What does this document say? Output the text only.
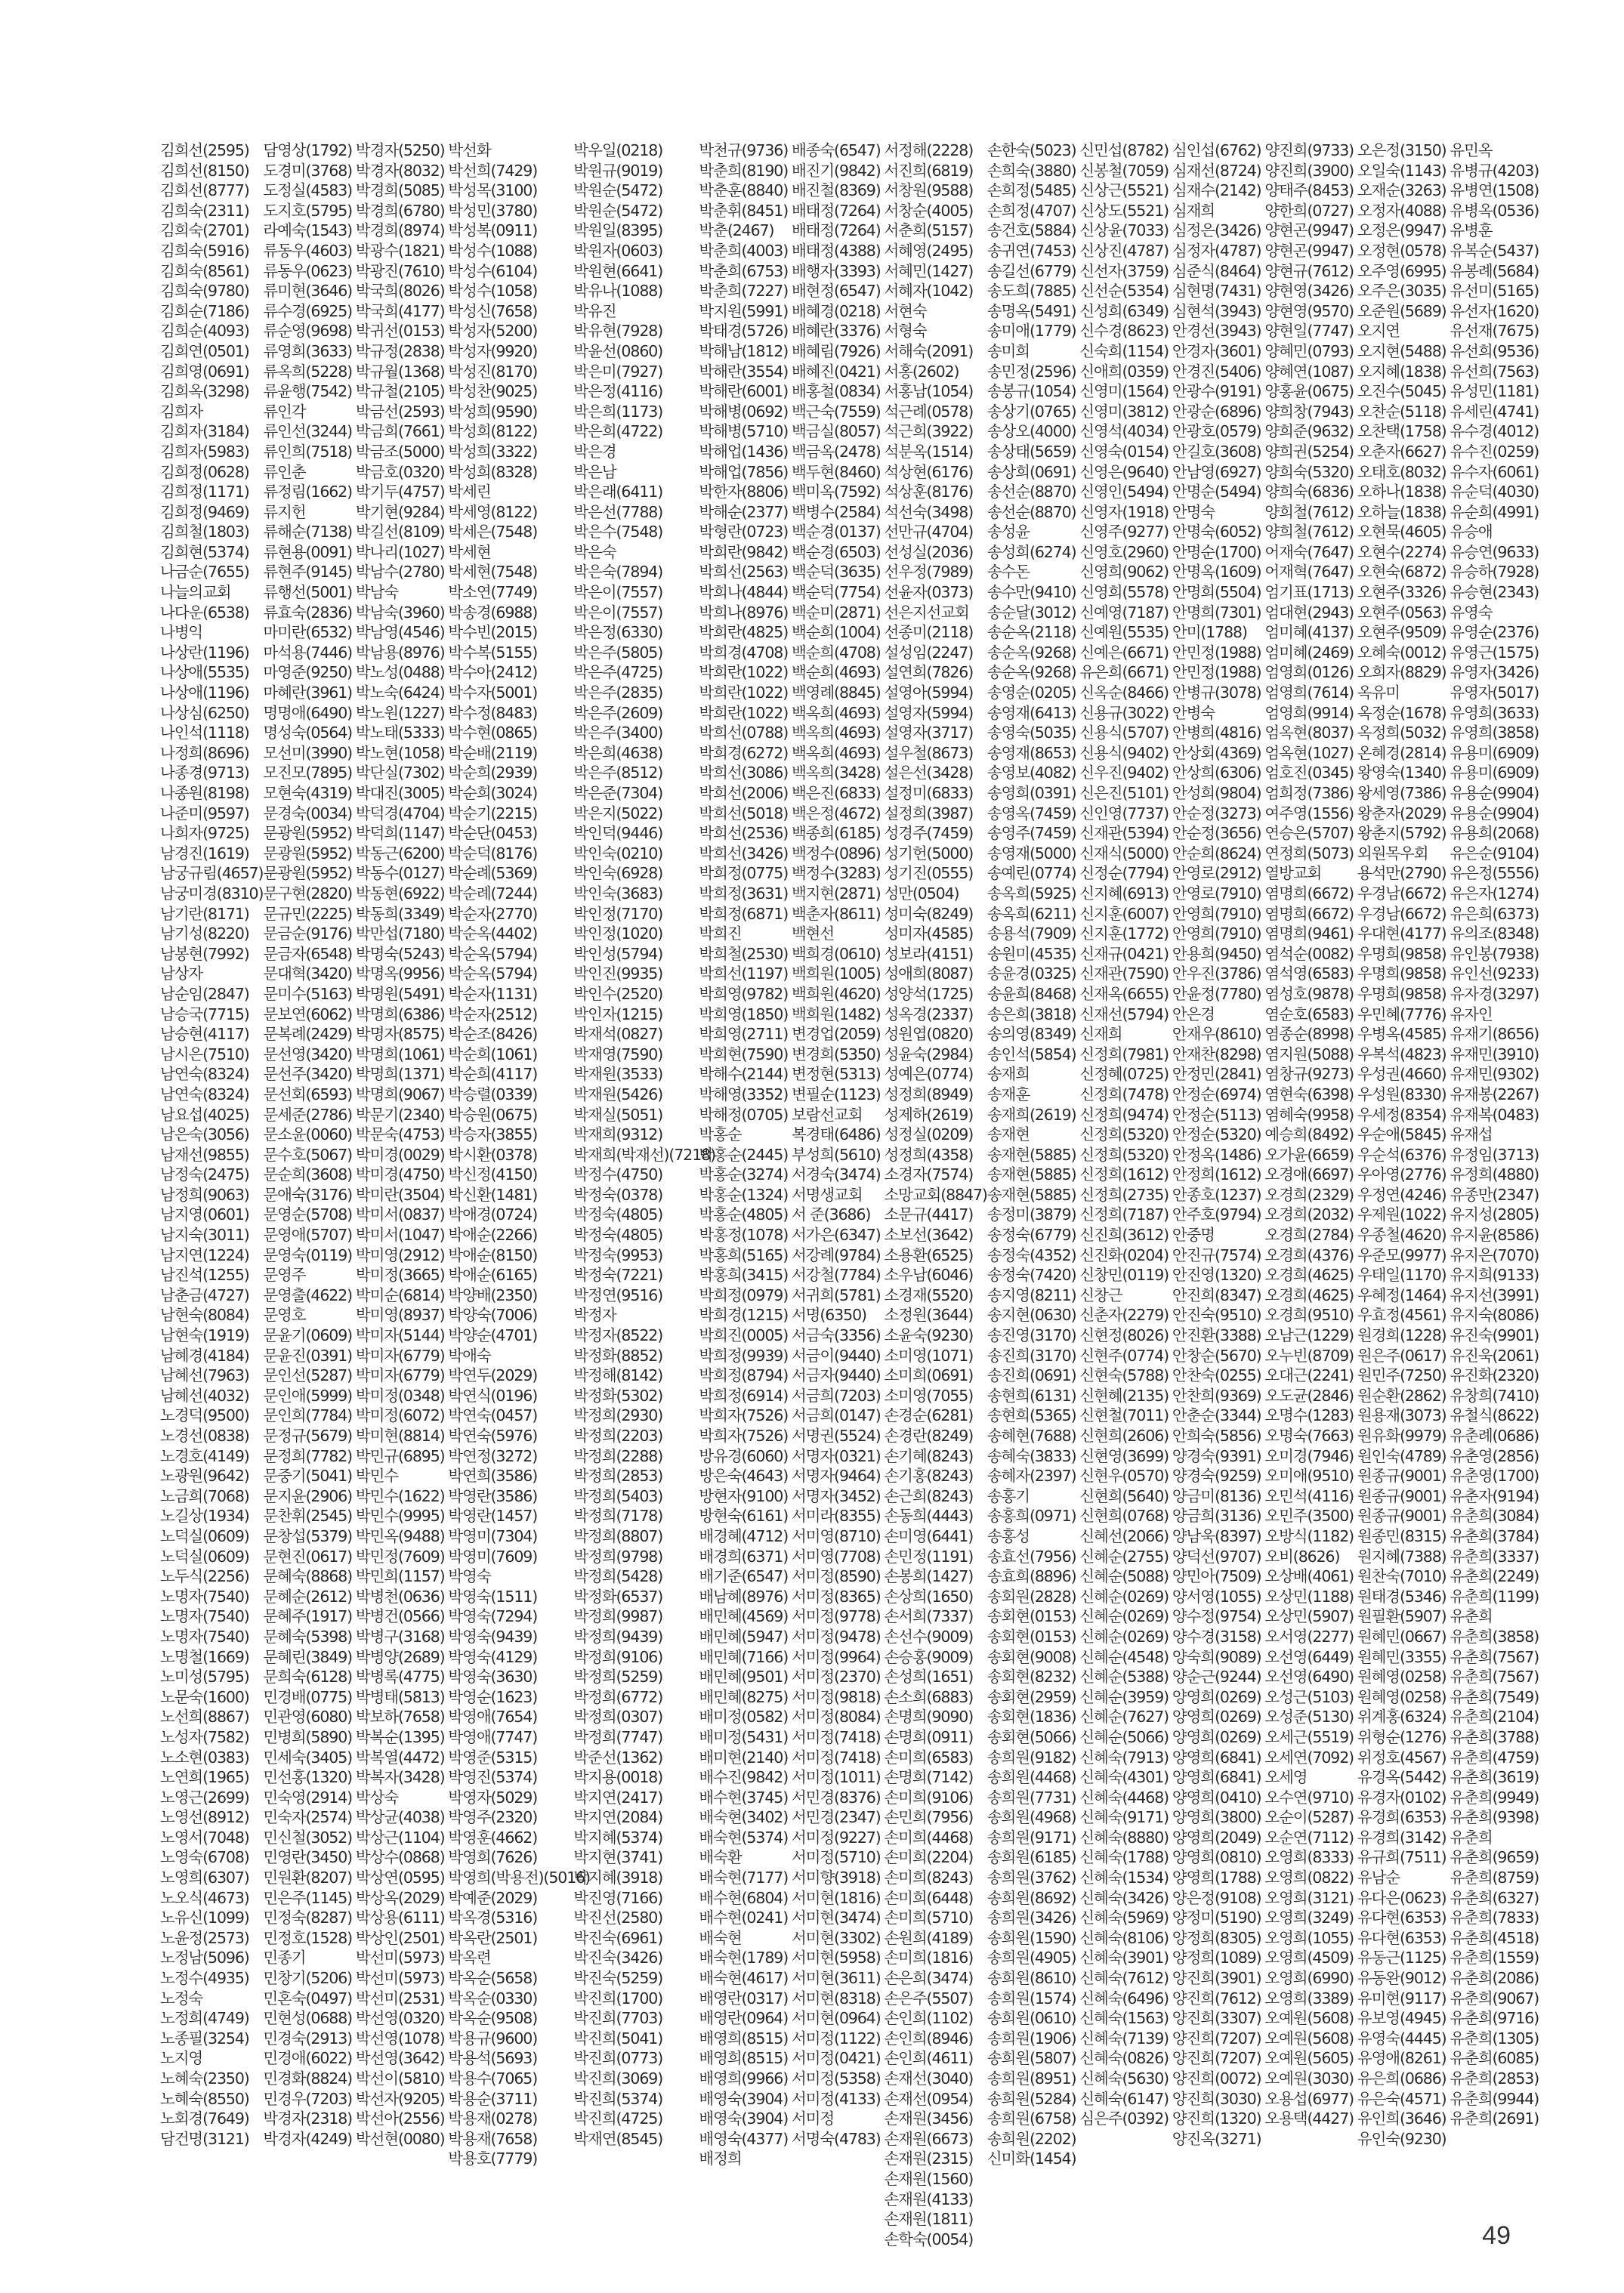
김희선(2595)
김희선(8150)
김희선(8777)
김희숙(2311)
김희숙(2701)
김희숙(5916)
김희숙(8561)
김희숙(9780)
김희순(7186)
김희순(4093)
김희연(0501)
김희영(0691)
김희옥(3298)
김희자
김희자(3184)
김희자(5983)
김희정(0628)
김희정(1171)
김희정(9469)
김희철(1803)
김희현(5374)
나금순(7655)
나늘의교회
나다운(6538)
나병익
나상란(1196)
나상애(5535)
나상애(1196)
나상심(6250)
나인석(1118)
나정희(8696)
나종경(9713)
나종원(8198)
나준미(9597)
나희자(9725)
남경진(1619)
남궁규림(4657)
남궁미경(8310)
남기란(8171)
남기성(8220)
남봉현(7992)
남상자
남순임(2847)
남승국(7715)
남승현(4117)
남시은(7510)
남연숙(8324)
남연숙(8324)
남요섭(4025)
남은숙(3056)
남재선(9855)
남정숙(2475)
남정희(9063)
남지영(0601)
남지숙(3011)
남지연(1224)
남진석(1255)
남춘금(4727)
남현숙(8084)
남현숙(1919)
남혜경(4184)
남혜선(7963)
남혜선(4032)
노경덕(9500)
노경선(0838)
노경호(4149)
노광원(9642)
노금희(7068)
노길상(1934)
노덕실(0609)
노덕실(0609)
노두식(2256)
노명자(7540)
노명자(7540)
노명자(7540)
노명철(1669)
노미성(5795)
노문숙(1600)
노선희(8867)
노성자(7582)
노소현(0383)
노연희(1965)
노영근(2699)
노영선(8912)
노영서(7048)
노영숙(6708)
노영희(6307)
노오식(4673)
노유신(1099)
노윤정(2573)
노정남(5096)
노정수(4935)
노정숙
노정희(4749)
노종필(3254)
노지영
노혜숙(2350)
노혜숙(8550)
노회경(7649)
담건명(3121)
담영상(1792)
도경미(3768)
도정실(4583)
도지호(5795)
라예숙(1543)
류동우(4603)
류동우(0623)
류미현(3646)
류수경(6925)
류순영(9698)
류영희(3633)
류옥희(5228)
류윤행(7542)
류인각
류인선(3244)
류인희(7518)
류인춘
류정림(1662)
류지헌
류해순(7138)
류현용(0091)
류현주(9145)
류행선(5001)
류효숙(2836)
마미란(6532)
마석용(7446)
마영준(9250)
마혜란(3961)
명명애(6490)
명성숙(0564)
모선미(3990)
모진모(7895)
모현숙(4319)
문경숙(0034)
문광원(5952)
문광원(5952)
문광원(5952)
문구현(2820)
문규민(2225)
문금순(9176)
문금자(6548)
문대혁(3420)
문미수(5163)
문보연(6062)
문복례(2429)
문선영(3420)
문선주(3420)
문선회(6593)
문세준(2786)
문소윤(0060)
문수호(5067)
문순희(3608)
문애숙(3176)
문영순(5708)
문영애(5707)
문영숙(0119)
문영주
문영출(4622)
문영호
문윤기(0609)
문윤진(0391)
문인선(5287)
문인애(5999)
문인희(7784)
문정규(5679)
문정희(7782)
문중기(5041)
문지윤(2906)
문찬휘(2545)
문창섭(5379)
문현진(0617)
문혜숙(8868)
문혜순(2612)
문혜주(1917)
문혜숙(5398)
문혜린(3849)
문희숙(6128)
민경배(0775)
민관영(6080)
민병희(5890)
민세숙(3405)
민선홍(1320)
민숙영(2914)
민숙자(2574)
민신철(3052)
민영란(3450)
민원환(8207)
민은주(1145)
민정숙(8287)
민정호(1528)
민종기
민창기(5206)
민혼숙(0497)
민현성(0688)
민경숙(2913)
민경애(6022)
민경화(8824)
민경우(7203)
박경자(2318)
박경자(4249)
박경자(5250)
박경자(8032)
박경희(5085)
박경희(6780)
박경희(8974)
박광수(1821)
박광진(7610)
박국희(8026)
박국희(4177)
박귀선(0153)
박규정(2838)
박규월(1368)
박규철(2105)
박금선(2593)
박금희(7661)
박금조(5000)
박금호(0320)
박기두(4757)
박기현(9284)
박길선(8109)
박나리(1027)
박남수(2780)
박남숙
박남숙(3960)
박남영(4546)
박남용(8976)
박노성(0488)
박노숙(6424)
박노원(1227)
박노태(5333)
박노현(1058)
박단실(7302)
박대진(3005)
박덕경(4704)
박덕희(1147)
박동근(6200)
박동수(0127)
박동현(6922)
박동희(3349)
박만섭(7180)
박명숙(5243)
박명옥(9956)
박명원(5491)
박명희(6386)
박명자(8575)
박명희(1061)
박명희(1371)
박명희(9067)
박문기(2340)
박문숙(4753)
박미경(0029)
박미경(4750)
박미란(3504)
박미서(0837)
박미서(1047)
박미영(2912)
박미정(3665)
박미순(6814)
박미영(8937)
박미자(5144)
박미자(6779)
박미자(6779)
박미정(0348)
박미정(6072)
박미현(8814)
박민규(6895)
박민수
박민수(1622)
박민수(9995)
박민옥(9488)
박민정(7609)
박민희(1157)
박병천(0636)
박병건(0566)
박병구(3168)
박병양(2689)
박병록(4775)
박병태(5813)
박보하(7658)
박복순(1395)
박복열(4472)
박복자(3428)
박상숙
박상균(4038)
박상근(1104)
박상수(0868)
박상연(0595)
박상옥(2029)
박상용(6111)
박상인(2501)
박선미(5973)
박선미(5973)
박선미(2531)
박선영(0320)
박선영(1078)
박선영(3642)
박선이(5810)
박선자(9205)
박선아(2556)
박선현(0080)
박선화
박선희(7429)
박성목(3100)
박성민(3780)
박성복(0911)
박성수(1088)
박성수(6104)
박성수(1058)
박성신(7658)
박성자(5200)
박성자(9920)
박성진(8170)
박성찬(9025)
박성희(9590)
박성희(8122)
박성희(3322)
박성희(8328)
박세린
박세영(8122)
박세은(7548)
박세현
박세현(7548)
박소연(7749)
박송경(6988)
박수빈(2015)
박수복(5155)
박수아(2412)
박수자(5001)
박수정(8483)
박수현(0865)
박순배(2119)
박순희(2939)
박순희(3024)
박순기(2215)
박순단(0453)
박순덕(8176)
박순례(5369)
박순례(7244)
박순자(2770)
박순옥(4402)
박순옥(5794)
박순옥(5794)
박순자(1131)
박순자(2512)
박순조(8426)
박순희(1061)
박순희(4117)
박승렬(0339)
박승원(0675)
박승자(3855)
박시환(0378)
박신정(4150)
박신환(1481)
박애경(0724)
박애순(2266)
박애순(8150)
박애순(6165)
박양배(2350)
박양숙(7006)
박양순(4701)
박애숙
박연두(2029)
박연식(0196)
박연숙(0457)
박연숙(5976)
박연정(3272)
박연희(3586)
박영란(3586)
박영란(1457)
박영미(7304)
박영미(7609)
박영숙
박영숙(1511)
박영숙(7294)
박영숙(9439)
박영숙(4129)
박영숙(3630)
박영순(1623)
박영애(7654)
박영애(7747)
박영준(5315)
박영진(5374)
박영자(5029)
박영주(2320)
박영훈(4662)
박영희(7626)
박영희(박용전)(5016)
박예준(2029)
박옥경(5316)
박옥란(2501)
박옥련
박옥순(5658)
박옥순(0330)
박옥순(9508)
박용규(9600)
박용석(5693)
박용수(7065)
박용순(3711)
박용재(0278)
박용재(7658)
박용호(7779)
박우일(0218)
박원규(9019)
박원순(5472)
박원순(5472)
박원일(8395)
박원자(0603)
박원현(6641)
박유나(1088)
박유진
박유현(7928)
박윤선(0860)
박은미(7927)
박은정(4116)
박은희(1173)
박은희(4722)
박은경
박은남
박은래(6411)
박은선(7788)
박은수(7548)
박은숙
박은숙(7894)
박은이(7557)
박은이(7557)
박은정(6330)
박은주(5805)
박은주(4725)
박은주(2835)
박은주(2609)
박은주(3400)
박은희(4638)
박은주(8512)
박은준(7304)
박은지(5022)
박인덕(9446)
박인숙(0210)
박인숙(6928)
박인숙(3683)
박인정(7170)
박인정(1020)
박인성(5794)
박인진(9935)
박인수(2520)
박인자(1215)
박재석(0827)
박재영(7590)
박재원(3533)
박재원(5426)
박재실(5051)
박재희(9312)
박재희(박재선)(7218)
박정수(4750)
박정숙(0378)
박정숙(4805)
박정숙(4805)
박정숙(9953)
박정숙(7221)
박정연(9516)
박정자
박정자(8522)
박정화(8852)
박정해(8142)
박정화(5302)
박정희(2930)
박정희(2203)
박정희(2288)
박정희(2853)
박정희(5403)
박정희(7178)
박정희(8807)
박정희(9798)
박정희(5428)
박정화(6537)
박정희(9987)
박정희(9439)
박정희(9106)
박정희(5259)
박정희(6772)
박정희(0307)
박정희(7747)
박준선(1362)
박지용(0018)
박지연(2417)
박지연(2084)
박지혜(5374)
박지현(3741)
박지혜(3918)
박진영(7166)
박진선(2580)
박진숙(6961)
박진숙(3426)
박진숙(5259)
박진희(1700)
박진희(7703)
박진희(5041)
박진희(0773)
박진희(3069)
박진희(5374)
박진희(4725)
박재연(8545)
박천규(9736)
박춘희(8190)
박춘훈(8840)
박춘휘(8451)
박춘(2467)
박춘희(4003)
박춘희(6753)
박춘희(7227)
박지원(5991)
박태경(5726)
박해남(1812)
박해란(3554)
박해란(6001)
박해병(0692)
박해병(5710)
박해업(1436)
박해업(7856)
박한자(8806)
박해순(2377)
박형란(0723)
박희란(9842)
박희선(2563)
박희나(4844)
박희나(8976)
박희란(4825)
박희경(4708)
박희란(1022)
박희란(1022)
박희란(1022)
박희선(0788)
박희경(6272)
박희선(3086)
박희선(2006)
박희선(5018)
박희선(2536)
박희선(3426)
박희정(0775)
박희정(3631)
박희정(6871)
박희진
박희철(2530)
박희선(1197)
박희영(9782)
박희영(1850)
박희영(2711)
박희현(7590)
박해수(2144)
박해영(3352)
박해정(0705)
박홍순
박홍순(2445)
박홍순(3274)
박홍순(1324)
박홍순(4805)
박홍정(1078)
박홍희(5165)
박홍희(3415)
박희정(0979)
박희경(1215)
박희진(0005)
박희정(9939)
박희정(8794)
박희정(6914)
박희자(7526)
박희자(7526)
방유경(6060)
방은숙(4643)
방현자(9100)
방현숙(6161)
배경혜(4712)
배경희(6371)
배기준(6547)
배남혜(8976)
배민혜(4569)
배민혜(5947)
배민혜(7166)
배민혜(9501)
배민혜(8275)
배미정(0582)
배미정(5431)
배미현(2140)
배수진(9842)
배수현(3745)
배숙현(3402)
배숙현(5374)
배숙환
배숙현(7177)
배수현(6804)
배수현(0241)
배숙현
배숙현(1789)
배숙현(4617)
배영란(0317)
배영란(0964)
배영희(8515)
배영희(8515)
배영희(9966)
배영숙(3904)
배영숙(3904)
배영숙(4377)
배정희
배종숙(6547)
배진기(9842)
배진철(8369)
배태정(7264)
배태정(7264)
배태정(4388)
배행자(3393)
배현정(6547)
배혜경(0218)
배혜란(3376)
배혜림(7926)
배혜진(0421)
배홍철(0834)
백근숙(7559)
백금실(8057)
백금옥(2478)
백두현(8460)
백미옥(7592)
백병수(2584)
백순경(0137)
백순경(6503)
백순덕(3635)
백순덕(7754)
백순미(2871)
백순희(1004)
백순희(4708)
백순희(4693)
백영례(8845)
백옥희(4693)
백옥희(4693)
백옥희(4693)
백옥희(3428)
백은진(6833)
백은정(4672)
백종희(6185)
백정수(0896)
백정수(3283)
백지현(2871)
백춘자(8611)
백현선
백희경(0610)
백희원(1005)
백희원(4620)
백희원(1482)
변경업(2059)
변경희(5350)
변정현(5313)
변필순(1123)
보람선교회
복경태(6486)
부성희(5610)
서경숙(3474)
서명생교회
서 준(3686)
서가은(6347)
서강례(9784)
서강철(7784)
서귀희(5781)
서명(6350)
서금숙(3356)
서금이(9440)
서금자(9440)
서금희(7203)
서금희(0147)
서명권(5524)
서명자(0321)
서명자(9464)
서명자(3452)
서미라(8355)
서미영(8710)
서미영(7708)
서미정(8590)
서미정(8365)
서미정(9778)
서미정(9478)
서미정(9964)
서미정(2370)
서미정(9818)
서미정(8084)
서미정(7418)
서미정(7418)
서미정(1011)
서민경(8376)
서민경(2347)
서미정(9227)
서미정(5710)
서미향(3918)
서미현(1816)
서미현(3474)
서미현(3302)
서미현(5958)
서미현(3611)
서미현(8318)
서미현(0964)
서미정(1122)
서미정(0421)
서미정(5358)
서미정(4133)
서미정
서명숙(4783)
서정해(2228)
서진희(6819)
서창원(9588)
서창순(4005)
서춘희(5157)
서혜영(2495)
서혜민(1427)
서혜자(1042)
서현숙
서형숙
서해숙(2091)
서홍(2602)
서홍남(1054)
석근례(0578)
석근희(3922)
석분옥(1514)
석상현(6176)
석상훈(8176)
석선숙(3498)
선만규(4704)
선성실(2036)
선우정(7989)
선윤자(0373)
선은지선교회
선종미(2118)
설성임(2247)
설연희(7826)
설영아(5994)
설영자(5994)
설영자(3717)
설우철(8673)
설은선(3428)
설정미(6833)
설정희(3987)
성경주(7459)
성기헌(5000)
성기진(0555)
성만(0504)
성미숙(8249)
성미자(4585)
성보라(4151)
성애희(8087)
성양석(1725)
성옥경(2337)
성원엽(0820)
성윤숙(2984)
성예은(0774)
성정희(8949)
성제하(2619)
성정실(0209)
성정희(4358)
소경자(7574)
소망교회(8847)
소문규(4417)
소보선(3642)
소용환(6525)
소우남(6046)
소경재(5520)
소정원(3644)
소윤숙(9230)
소미영(1071)
소미희(0691)
소미영(7055)
손경순(6281)
손경란(8249)
손기혜(8243)
손기홍(8243)
손근희(8243)
손동희(4443)
손미영(6441)
손민정(1191)
손봉희(1427)
손상희(1650)
손서희(7337)
손선수(9009)
손승홍(9009)
손성희(1651)
손소희(6883)
손명희(9090)
손명희(0911)
손미희(6583)
손명희(7142)
손미희(9106)
손민희(7956)
손미희(4468)
손미희(2204)
손미희(8243)
손미희(6448)
손미희(5710)
손원희(4189)
손미희(1816)
손은희(3474)
손은주(5507)
손인희(1102)
손인희(8946)
손인희(4611)
손재선(3040)
손재선(0954)
손재원(3456)
손재원(6673)
손재원(2315)
손재원(1560)
손재원(4133)
손재원(1811)
손학숙(0054)
손한숙(5023)
손희숙(3880)
손희정(5485)
손희정(4707)
송건호(5884)
송귀연(7453)
송길선(6779)
송도희(7885)
송명옥(5491)
송미애(1779)
송미희
송민정(2596)
송봉규(1054)
송상기(0765)
송상오(4000)
송상태(5659)
송상희(0691)
송선순(8870)
송선순(8870)
송성윤
송성희(6274)
송수돈
송수만(9410)
송순달(3012)
송순옥(2118)
송순옥(9268)
송순옥(9268)
송영순(0205)
송영재(6413)
송영숙(5035)
송영재(8653)
송영보(4082)
송영희(0391)
송영옥(7459)
송영주(7459)
송영재(5000)
송예린(0774)
송옥희(5925)
송옥희(6211)
송용석(7909)
송원미(4535)
송윤경(0325)
송윤희(8468)
송은희(3818)
송의영(8349)
송인석(5854)
송재희
송재훈
송재희(2619)
송재현
송재현(5885)
송재현(5885)
송재현(5885)
송정미(3879)
송정숙(6779)
송정숙(4352)
송정숙(7420)
송지영(8211)
송지현(0630)
송진영(3170)
송진희(3170)
송진희(0691)
송현희(6131)
송현희(5365)
송혜현(7688)
송혜숙(3833)
송혜자(2397)
송홍기
송홍희(0971)
송홍성
송효선(7956)
송효희(8896)
송회원(2828)
송회현(0153)
송회현(0153)
송회현(9008)
송회현(8232)
송회현(2959)
송회현(1836)
송회현(5066)
송희원(9182)
송희원(4468)
송희원(7731)
송희원(4968)
송희원(9171)
송희원(6185)
송희원(3762)
송희원(8692)
송희원(3426)
송희원(1590)
송희원(4905)
송희원(8610)
송희원(1574)
송희원(0610)
송희원(1906)
송희원(5807)
송희원(8951)
송희원(5284)
송희원(6758)
송희원(2202)
신미화(1454)
신민섭(8782)
신봉철(7059)
신상근(5521)
신상도(5521)
신상윤(7033)
신상진(4787)
신선자(3759)
신선순(5354)
신성희(6349)
신수경(8623)
신숙희(1154)
신애희(0359)
신영미(1564)
신영미(3812)
신영석(4034)
신영숙(0154)
신영은(9640)
신영인(5494)
신영자(1918)
신영주(9277)
신영호(2960)
신영희(9062)
신영희(5578)
신예영(7187)
신예원(5535)
신예은(6671)
유은희(6671)
신옥순(8466)
신용규(3022)
신용식(5707)
신용식(9402)
신우진(9402)
신은진(5101)
신인영(7737)
신재관(5394)
신재식(5000)
신정순(7794)
신지혜(6913)
신지훈(6007)
신지훈(1772)
신재규(0421)
신재관(7590)
신재옥(6655)
신재선(5794)
신재희
신정희(7981)
신정혜(0725)
신정희(7478)
신정희(9474)
신정희(5320)
신정희(5320)
신정희(1612)
신정희(2735)
신정희(7187)
신진희(3612)
신진화(0204)
신창민(0119)
신창근
신춘자(2279)
신현정(8026)
신현주(0774)
신현숙(5788)
신현혜(2135)
신현철(7011)
신현희(2606)
신현영(3699)
신현우(0570)
신현희(5640)
신현희(0768)
신혜선(2066)
신혜순(2755)
신혜순(5088)
신혜순(0269)
신혜순(0269)
신혜순(0269)
신혜순(4548)
신혜순(5388)
신혜순(3959)
신혜순(7627)
신혜순(5066)
신혜숙(7913)
신혜숙(4301)
신혜숙(4468)
신혜숙(9171)
신혜숙(8880)
신혜숙(1788)
신혜숙(1534)
신혜숙(3426)
신혜숙(5969)
신혜숙(8106)
신혜숙(3901)
신혜숙(7612)
신혜숙(6496)
신혜숙(1563)
신혜숙(7139)
신혜숙(0826)
신혜숙(5630)
신혜숙(6147)
심은주(0392)
심인섭(6762)
심재선(8724)
심재수(2142)
심재희
심정은(3426)
심정자(4787)
심준식(8464)
심현명(7431)
심현석(3943)
안경선(3943)
안경자(3601)
안경진(5406)
안광수(9191)
안광순(6896)
안광호(0579)
안길호(3608)
안남영(6927)
안명순(5494)
안명숙
안명숙(6052)
안명순(1700)
안명옥(1609)
안명희(5504)
안명희(7301)
안미(1788)
안민정(1988)
안민정(1988)
안병규(3078)
안병숙
안병희(4816)
안상회(4369)
안상희(6306)
안성희(9804)
안순정(3273)
안순정(3656)
안순희(8624)
안영로(2912)
안영로(7910)
안영희(7910)
안영희(7910)
안용희(9450)
안우진(3786)
안윤정(7780)
안은경
안재우(8610)
안재찬(8298)
안정민(2841)
안정순(6974)
안정순(5113)
안정순(5320)
안정옥(1486)
안정희(1612)
안종호(1237)
안주호(9794)
안중명
안진규(7574)
안진영(1320)
안진희(8347)
안진숙(9510)
안진환(3388)
안창순(5670)
안찬숙(0255)
안찬희(9369)
안춘순(3344)
안희숙(5856)
양경숙(9391)
양경숙(9259)
양금미(8136)
양금희(3136)
양남욱(8397)
양덕선(9707)
양민아(7509)
양서영(1055)
양수정(9754)
양수경(3158)
양숙희(9089)
양순근(9244)
양영희(0269)
양영희(0269)
양영희(0269)
양영희(6841)
양영희(6841)
양영희(0410)
양영희(3800)
양영희(2049)
양영희(0810)
양영희(1788)
양은정(9108)
양정미(5190)
양정희(8305)
양정희(1089)
양진희(3901)
양진희(7612)
양진희(3307)
양진희(7207)
양진희(7207)
양진희(0072)
양진희(3030)
양진희(1320)
양진옥(3271)
양진희(9733)
양진희(3900)
양태주(8453)
양한희(0727)
양현곤(9947)
양현곤(9947)
양현규(7612)
양현영(3426)
양현영(9570)
양현일(7747)
양혜민(0793)
양혜연(1087)
양홍윤(0675)
양희창(7943)
양희준(9632)
양희권(5254)
양희숙(5320)
양희숙(6836)
양희철(7612)
양희철(7612)
어재숙(7647)
어재혁(7647)
엄기표(1713)
엄대현(2943)
엄미혜(4137)
엄미혜(2469)
엄영희(0126)
엄영희(7614)
엄영희(9914)
엄옥현(8037)
엄옥현(1027)
엄호진(0345)
엄희정(7386)
여주영(1556)
연승은(5707)
연정희(5073)
열방교회
염명희(6672)
염명희(6672)
염명희(9461)
염석순(0082)
염석영(6583)
염성호(9878)
염순호(6583)
염종순(8998)
염지원(5088)
염창규(9273)
염현숙(6398)
염혜숙(9958)
예승희(8492)
오가윤(6659)
오경애(6697)
오경희(2329)
오경희(2032)
오경희(2784)
오경희(4376)
오경희(4625)
오경희(4625)
오경희(9510)
오남근(1229)
오누빈(8709)
오대근(2241)
오도균(2846)
오명수(1283)
오명숙(7663)
오미경(7946)
오미애(9510)
오민석(4116)
오민주(3500)
오방식(1182)
오비(8626)
오상배(4061)
오상민(1188)
오상민(5907)
오서영(2277)
오선영(6449)
오선영(6490)
오성근(5103)
오성준(5130)
오세근(5519)
오세연(7092)
오세영
오수연(9710)
오순이(5287)
오순연(7112)
오영희(8333)
오영희(0822)
오영희(3121)
오영희(3249)
오영희(1055)
오영희(4509)
오영희(6990)
오영희(3389)
오예원(5608)
오예원(5608)
오예원(5605)
오예원(3030)
오용섭(6977)
오용택(4427)
오은정(3150)
오일숙(1143)
오재순(3263)
오정자(4088)
오정은(9947)
오정현(0578)
오주영(6995)
오주은(3035)
오준원(5689)
오지연
오지현(5488)
오지혜(1838)
오진수(5045)
오찬순(5118)
오찬택(1758)
오춘자(6627)
오태호(8032)
오하나(1838)
오하늘(1838)
오현묵(4605)
오현수(2274)
오현숙(6872)
오현주(3326)
오현주(0563)
오현주(9509)
오혜숙(0012)
오희자(8829)
옥유미
옥정순(1678)
옥정희(5032)
온혜경(2814)
왕영숙(1340)
왕세영(7386)
왕춘자(2029)
왕춘지(5792)
외원목우회
용석만(2790)
우경남(6672)
우경남(6672)
우대현(4177)
우명희(9858)
우명희(9858)
우명희(9858)
우민혜(7776)
우병옥(4585)
우복석(4823)
우성권(4660)
우성원(8330)
우세정(8354)
우순애(5845)
우순석(6376)
우아영(2776)
우정연(4246)
우제원(1022)
우종철(4620)
우준모(9977)
우태일(1170)
우혜정(1464)
우효정(4561)
원경희(1228)
원은주(0617)
원민주(7250)
원순환(2862)
원용재(3073)
원유화(9979)
원인숙(4789)
원종규(9001)
원종규(9001)
원종규(9001)
원종민(8315)
원지혜(7388)
원찬숙(7010)
원태경(5346)
원필환(5907)
원혜민(0667)
원혜민(3355)
원혜영(0258)
원혜영(0258)
위계홍(6324)
위형순(1276)
위정호(4567)
유경옥(5442)
유경자(0102)
유경희(6353)
유경희(3142)
유규희(7511)
유남순
유다은(0623)
유다현(6353)
유다현(6353)
유동근(1125)
유동완(9012)
유미현(9117)
유보영(4945)
유영숙(4445)
유영애(8261)
유은희(0686)
유은숙(4571)
유인희(3646)
유인숙(9230)
유민옥
유병규(4203)
유병연(1508)
유병옥(0536)
유병훈
유복순(5437)
유봉례(5684)
유선미(5165)
유선자(1620)
유선재(7675)
유선희(9536)
유선희(7563)
유성민(1181)
유세린(4741)
유수경(4012)
유수진(0259)
유수자(6061)
유순덕(4030)
유순희(4991)
유승애
유승연(9633)
유승하(7928)
유승현(2343)
유영숙
유영순(2376)
유영근(1575)
유영자(3426)
유영자(5017)
유영희(3633)
유영희(3858)
유용미(6909)
유용미(6909)
유용순(9904)
유용순(9904)
유용희(2068)
유은순(9104)
유은정(5556)
유은자(1274)
유은희(6373)
유의조(8348)
유인봉(7938)
유인선(9233)
유자경(3297)
유자인
유재기(8656)
유재민(3910)
유재민(9302)
유재봉(2267)
유재복(0483)
유재섭
유정임(3713)
유정희(4880)
유종만(2347)
유지성(2805)
유지윤(8586)
유지은(7070)
유지희(9133)
유지선(3991)
유지숙(8086)
유진숙(9901)
유진욱(2061)
유진화(2320)
유창희(7410)
유철식(8622)
유춘례(0686)
유춘영(2856)
유춘영(1700)
유춘자(9194)
유춘희(3084)
유춘희(3784)
유춘희(3337)
유춘희(2249)
유춘희(1199)
유춘희
유춘희(3858)
유춘희(7567)
유춘희(7567)
유춘희(7549)
유춘희(2104)
유춘희(3788)
유춘희(4759)
유춘희(3619)
유춘희(9949)
유춘희(9398)
유춘희
유춘희(9659)
유춘희(8759)
유춘희(6327)
유춘희(7833)
유춘희(4518)
유춘희(1559)
유춘희(2086)
유춘희(9067)
유춘희(9716)
유춘희(1305)
유춘희(6085)
유춘희(2853)
유춘희(9944)
유춘희(2691)
49
